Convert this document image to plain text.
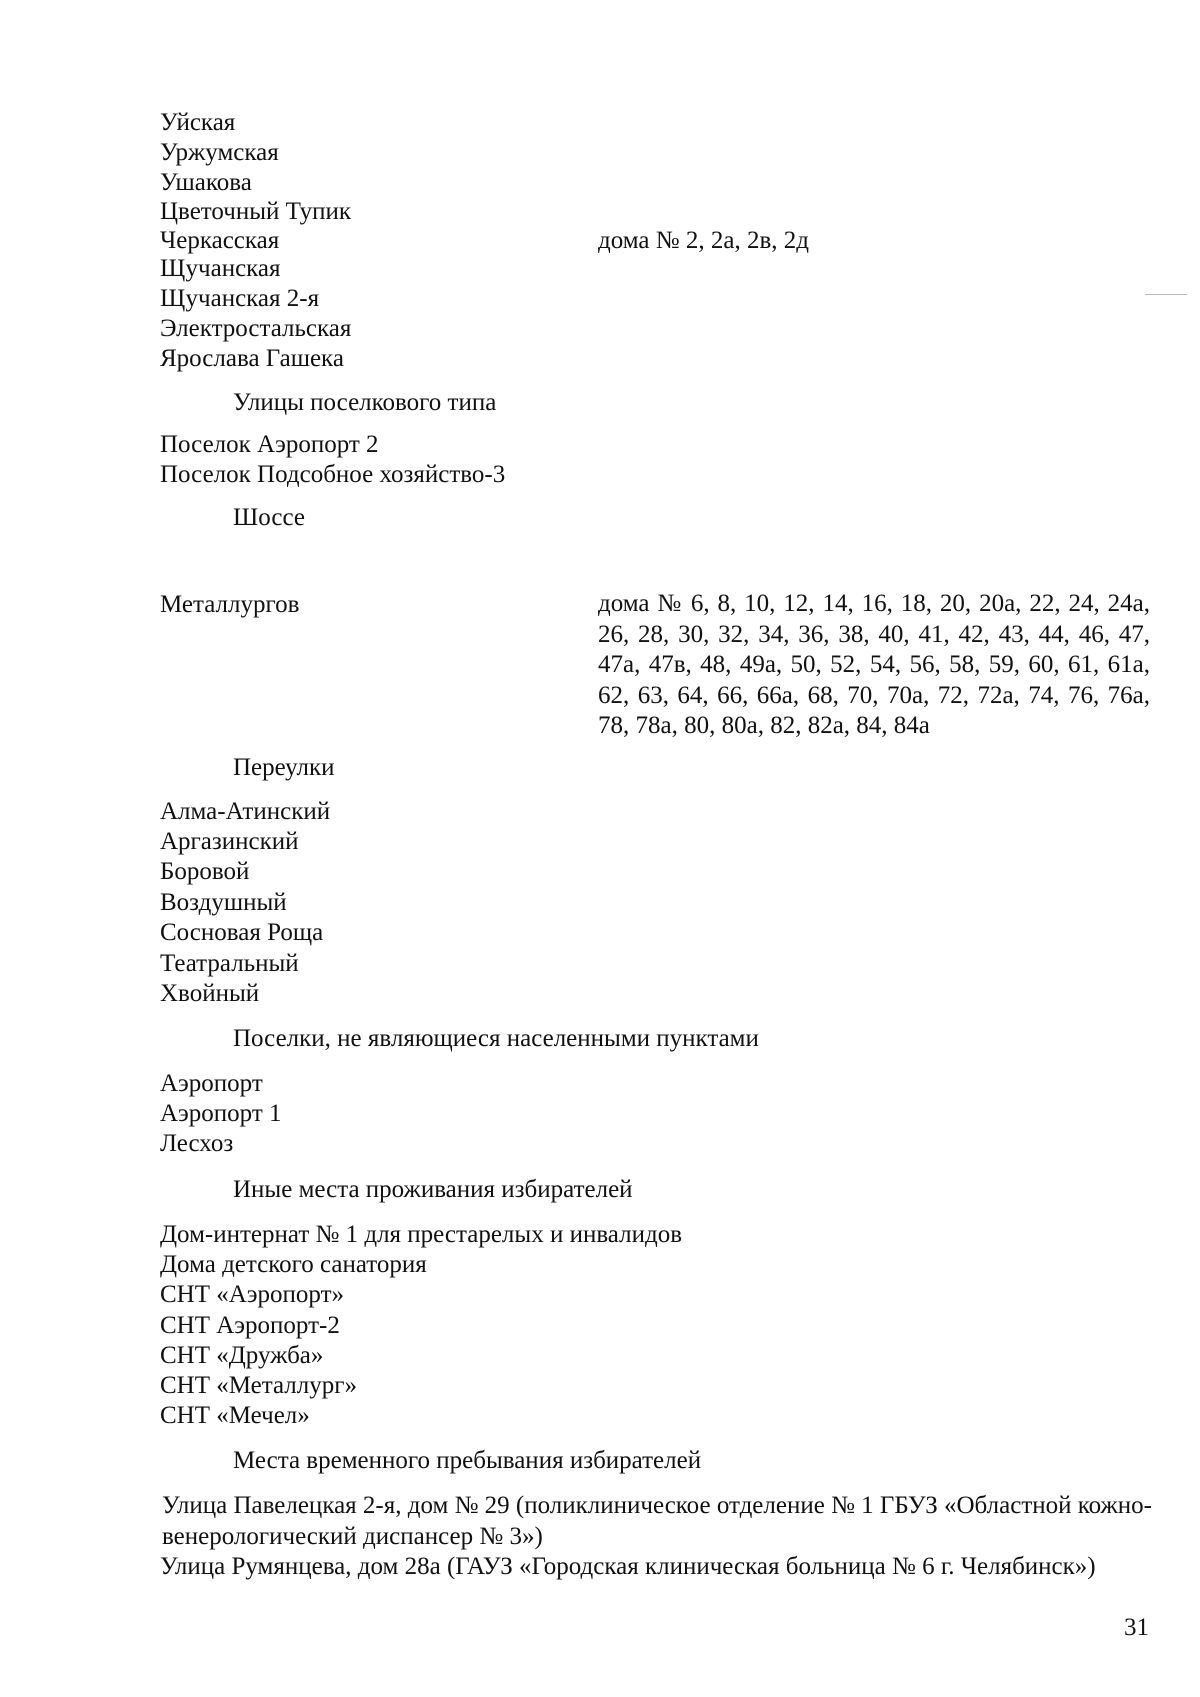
Уйская
Уржумская
Ушакова
Цветочный Тупик
Черкасская	дома № 2, 2а, 2в, 2д
Щучанская
Щучанская 2-я
Электростальская
Ярослава Гашека
Улицы поселкового типа
Поселок Аэропорт 2
Поселок Подсобное хозяйство-3
Шоссе
Металлургов	дома № 6, 8, 10, 12, 14, 16, 18, 20, 20а, 22, 24, 24а, 26, 28, 30, 32, 34, 36, 38, 40, 41, 42, 43, 44, 46, 47, 47а, 47в, 48, 49а, 50, 52, 54, 56, 58, 59, 60, 61, 61а, 62, 63, 64, 66, 66а, 68, 70, 70а, 72, 72а, 74, 76, 76а, 78, 78а, 80, 80а, 82, 82а, 84, 84а
Переулки
Алма-Атинский
Аргазинский
Боровой
Воздушный
Сосновая Роща
Театральный
Хвойный
Поселки, не являющиеся населенными пунктами
Аэропорт
Аэропорт 1
Лесхоз
Иные места проживания избирателей
Дом-интернат № 1 для престарелых и инвалидов
Дома детского санатория
СНТ «Аэропорт»
СНТ Аэропорт-2
СНТ «Дружба»
СНТ «Металлург»
СНТ «Мечел»
Места временного пребывания избирателей
Улица Павелецкая 2-я, дом № 29 (поликлиническое отделение № 1 ГБУЗ «Областной кожно-венерологический диспансер № 3»)
Улица Румянцева, дом 28а (ГАУЗ «Городская клиническая больница № 6 г. Челябинск»)
31
